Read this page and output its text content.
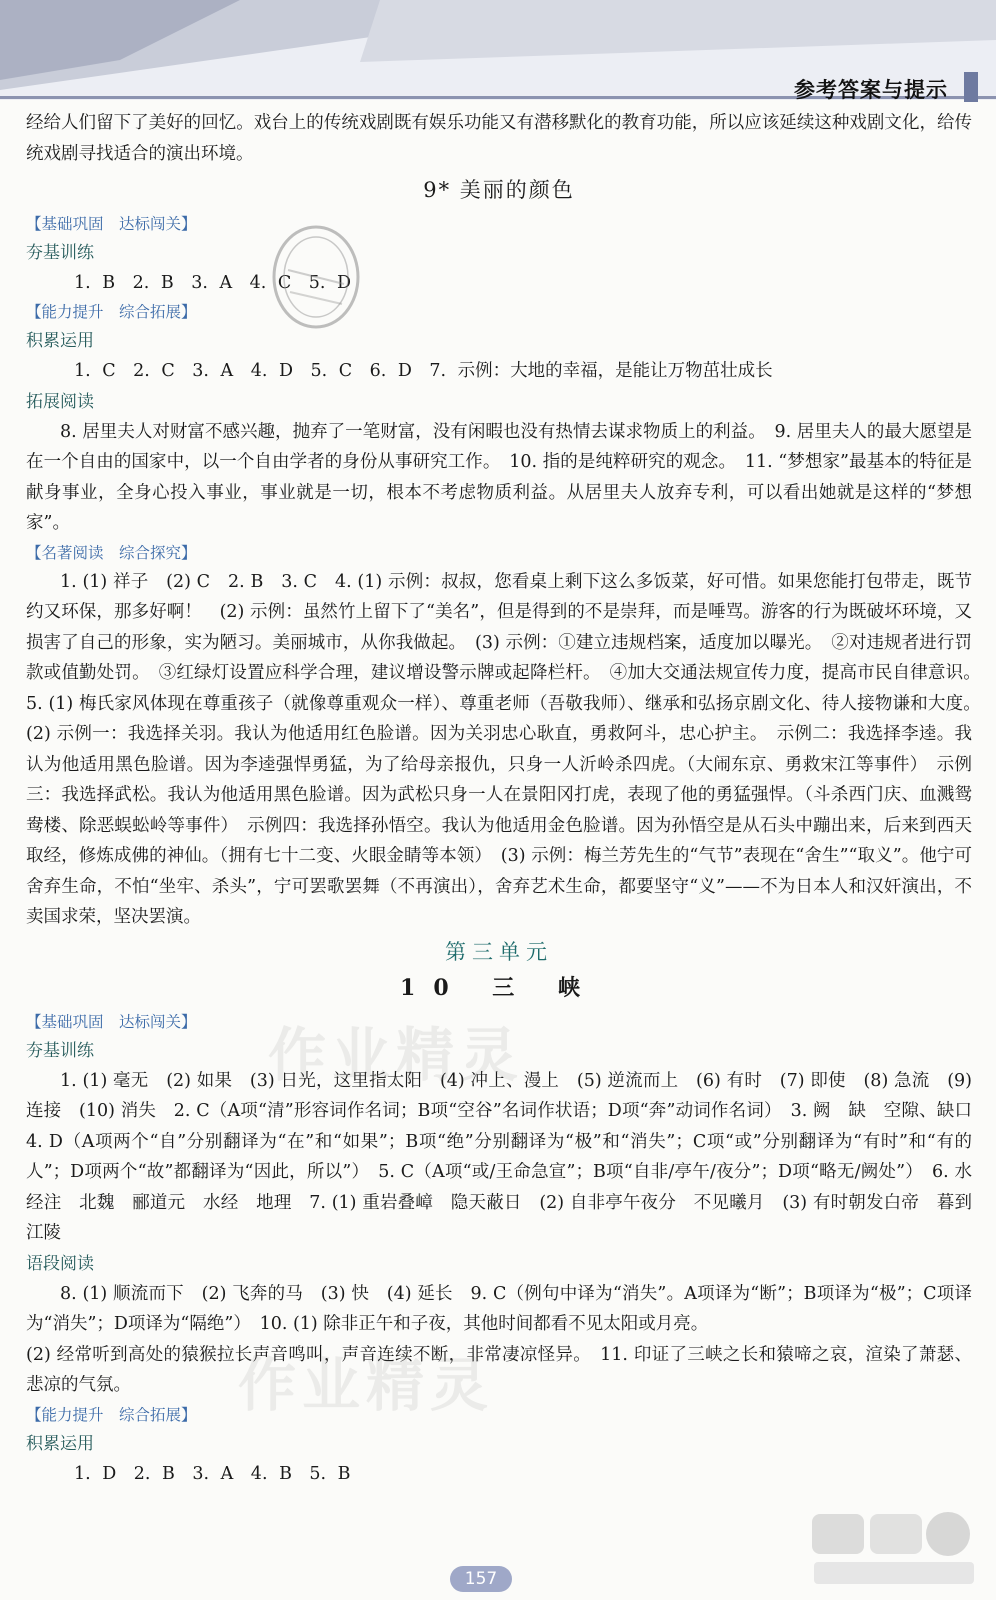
参考答案与提示

经给人们留下了美好的回忆。戏台上的传统戏剧既有娱乐功能又有潜移默化的教育功能，所以应该延续这种戏剧文化，给传统戏剧寻找适合的演出环境。

9* 美丽的颜色

【基础巩固　达标闯关】

夯基训练

1. B　2. B　3. A　4. C　5. D

【能力提升　综合拓展】

积累运用

1. C　2. C　3. A　4. D　5. C　6. D　7. 示例：大地的幸福，是能让万物茁壮成长

拓展阅读

8. 居里夫人对财富不感兴趣，抛弃了一笔财富，没有闲暇也没有热情去谋求物质上的利益。　9. 居里夫人的最大愿望是在一个自由的国家中，以一个自由学者的身份从事研究工作。　10. 指的是纯粹研究的观念。　11. “梦想家”最基本的特征是献身事业，全身心投入事业，事业就是一切，根本不考虑物质利益。从居里夫人放弃专利，可以看出她就是这样的“梦想家”。

【名著阅读　综合探究】

1. (1) 祥子　(2) C　2. B　3. C　4. (1) 示例：叔叔，您看桌上剩下这么多饭菜，好可惜。如果您能打包带走，既节约又环保，那多好啊！　(2) 示例：虽然竹上留下了“美名”，但是得到的不是崇拜，而是唾骂。游客的行为既破坏环境，又损害了自己的形象，实为陋习。美丽城市，从你我做起。　(3) 示例：①建立违规档案，适度加以曝光。　②对违规者进行罚款或值勤处罚。　③红绿灯设置应科学合理，建议增设警示牌或起降栏杆。　④加大交通法规宣传力度，提高市民自律意识。　5. (1) 梅氏家风体现在尊重孩子（就像尊重观众一样）、尊重老师（吾敬我师）、继承和弘扬京剧文化、待人接物谦和大度。　(2) 示例一：我选择关羽。我认为他适用红色脸谱。因为关羽忠心耿直，勇救阿斗，忠心护主。　示例二：我选择李逵。我认为他适用黑色脸谱。因为李逵强悍勇猛，为了给母亲报仇，只身一人沂岭杀四虎。（大闹东京、勇救宋江等事件）　示例三：我选择武松。我认为他适用黑色脸谱。因为武松只身一人在景阳冈打虎，表现了他的勇猛强悍。（斗杀西门庆、血溅鸳鸯楼、除恶蜈蚣岭等事件）　示例四：我选择孙悟空。我认为他适用金色脸谱。因为孙悟空是从石头中蹦出来，后来到西天取经，修炼成佛的神仙。（拥有七十二变、火眼金睛等本领）　(3) 示例：梅兰芳先生的“气节”表现在“舍生”“取义”。他宁可舍弃生命，不怕“坐牢、杀头”，宁可罢歌罢舞（不再演出），舍弃艺术生命，都要坚守“义”——不为日本人和汉奸演出，不卖国求荣，坚决罢演。

第三单元
10 三 峡

【基础巩固　达标闯关】

夯基训练

1. (1) 毫无　(2) 如果　(3) 日光，这里指太阳　(4) 冲上、漫上　(5) 逆流而上　(6) 有时　(7) 即使　(8) 急流　(9) 连接　(10) 消失　2. C（A项“清”形容词作名词；B项“空谷”名词作状语；D项“奔”动词作名词）　3. 阙　缺　空隙、缺口　4. D（A项两个“自”分别翻译为“在”和“如果”；B项“绝”分别翻译为“极”和“消失”；C项“或”分别翻译为“有时”和“有的人”；D项两个“故”都翻译为“因此，所以”）　5. C（A项“或/王命急宣”；B项“自非/亭午/夜分”；D项“略无/阙处”）　6. 水经注　北魏　郦道元　水经　地理　7. (1) 重岩叠嶂　隐天蔽日　(2) 自非亭午夜分　不见曦月　(3) 有时朝发白帝　暮到江陵

语段阅读

8. (1) 顺流而下　(2) 飞奔的马　(3) 快　(4) 延长　9. C（例句中译为“消失”。A项译为“断”；B项译为“极”；C项译为“消失”；D项译为“隔绝”）　10. (1) 除非正午和子夜，其他时间都看不见太阳或月亮。

(2) 经常听到高处的猿猴拉长声音鸣叫，声音连续不断，非常凄凉怪异。　11. 印证了三峡之长和猿啼之哀，渲染了萧瑟、悲凉的气氛。

【能力提升　综合拓展】

积累运用

1. D　2. B　3. A　4. B　5. B

作业精灵
作业精灵
157
